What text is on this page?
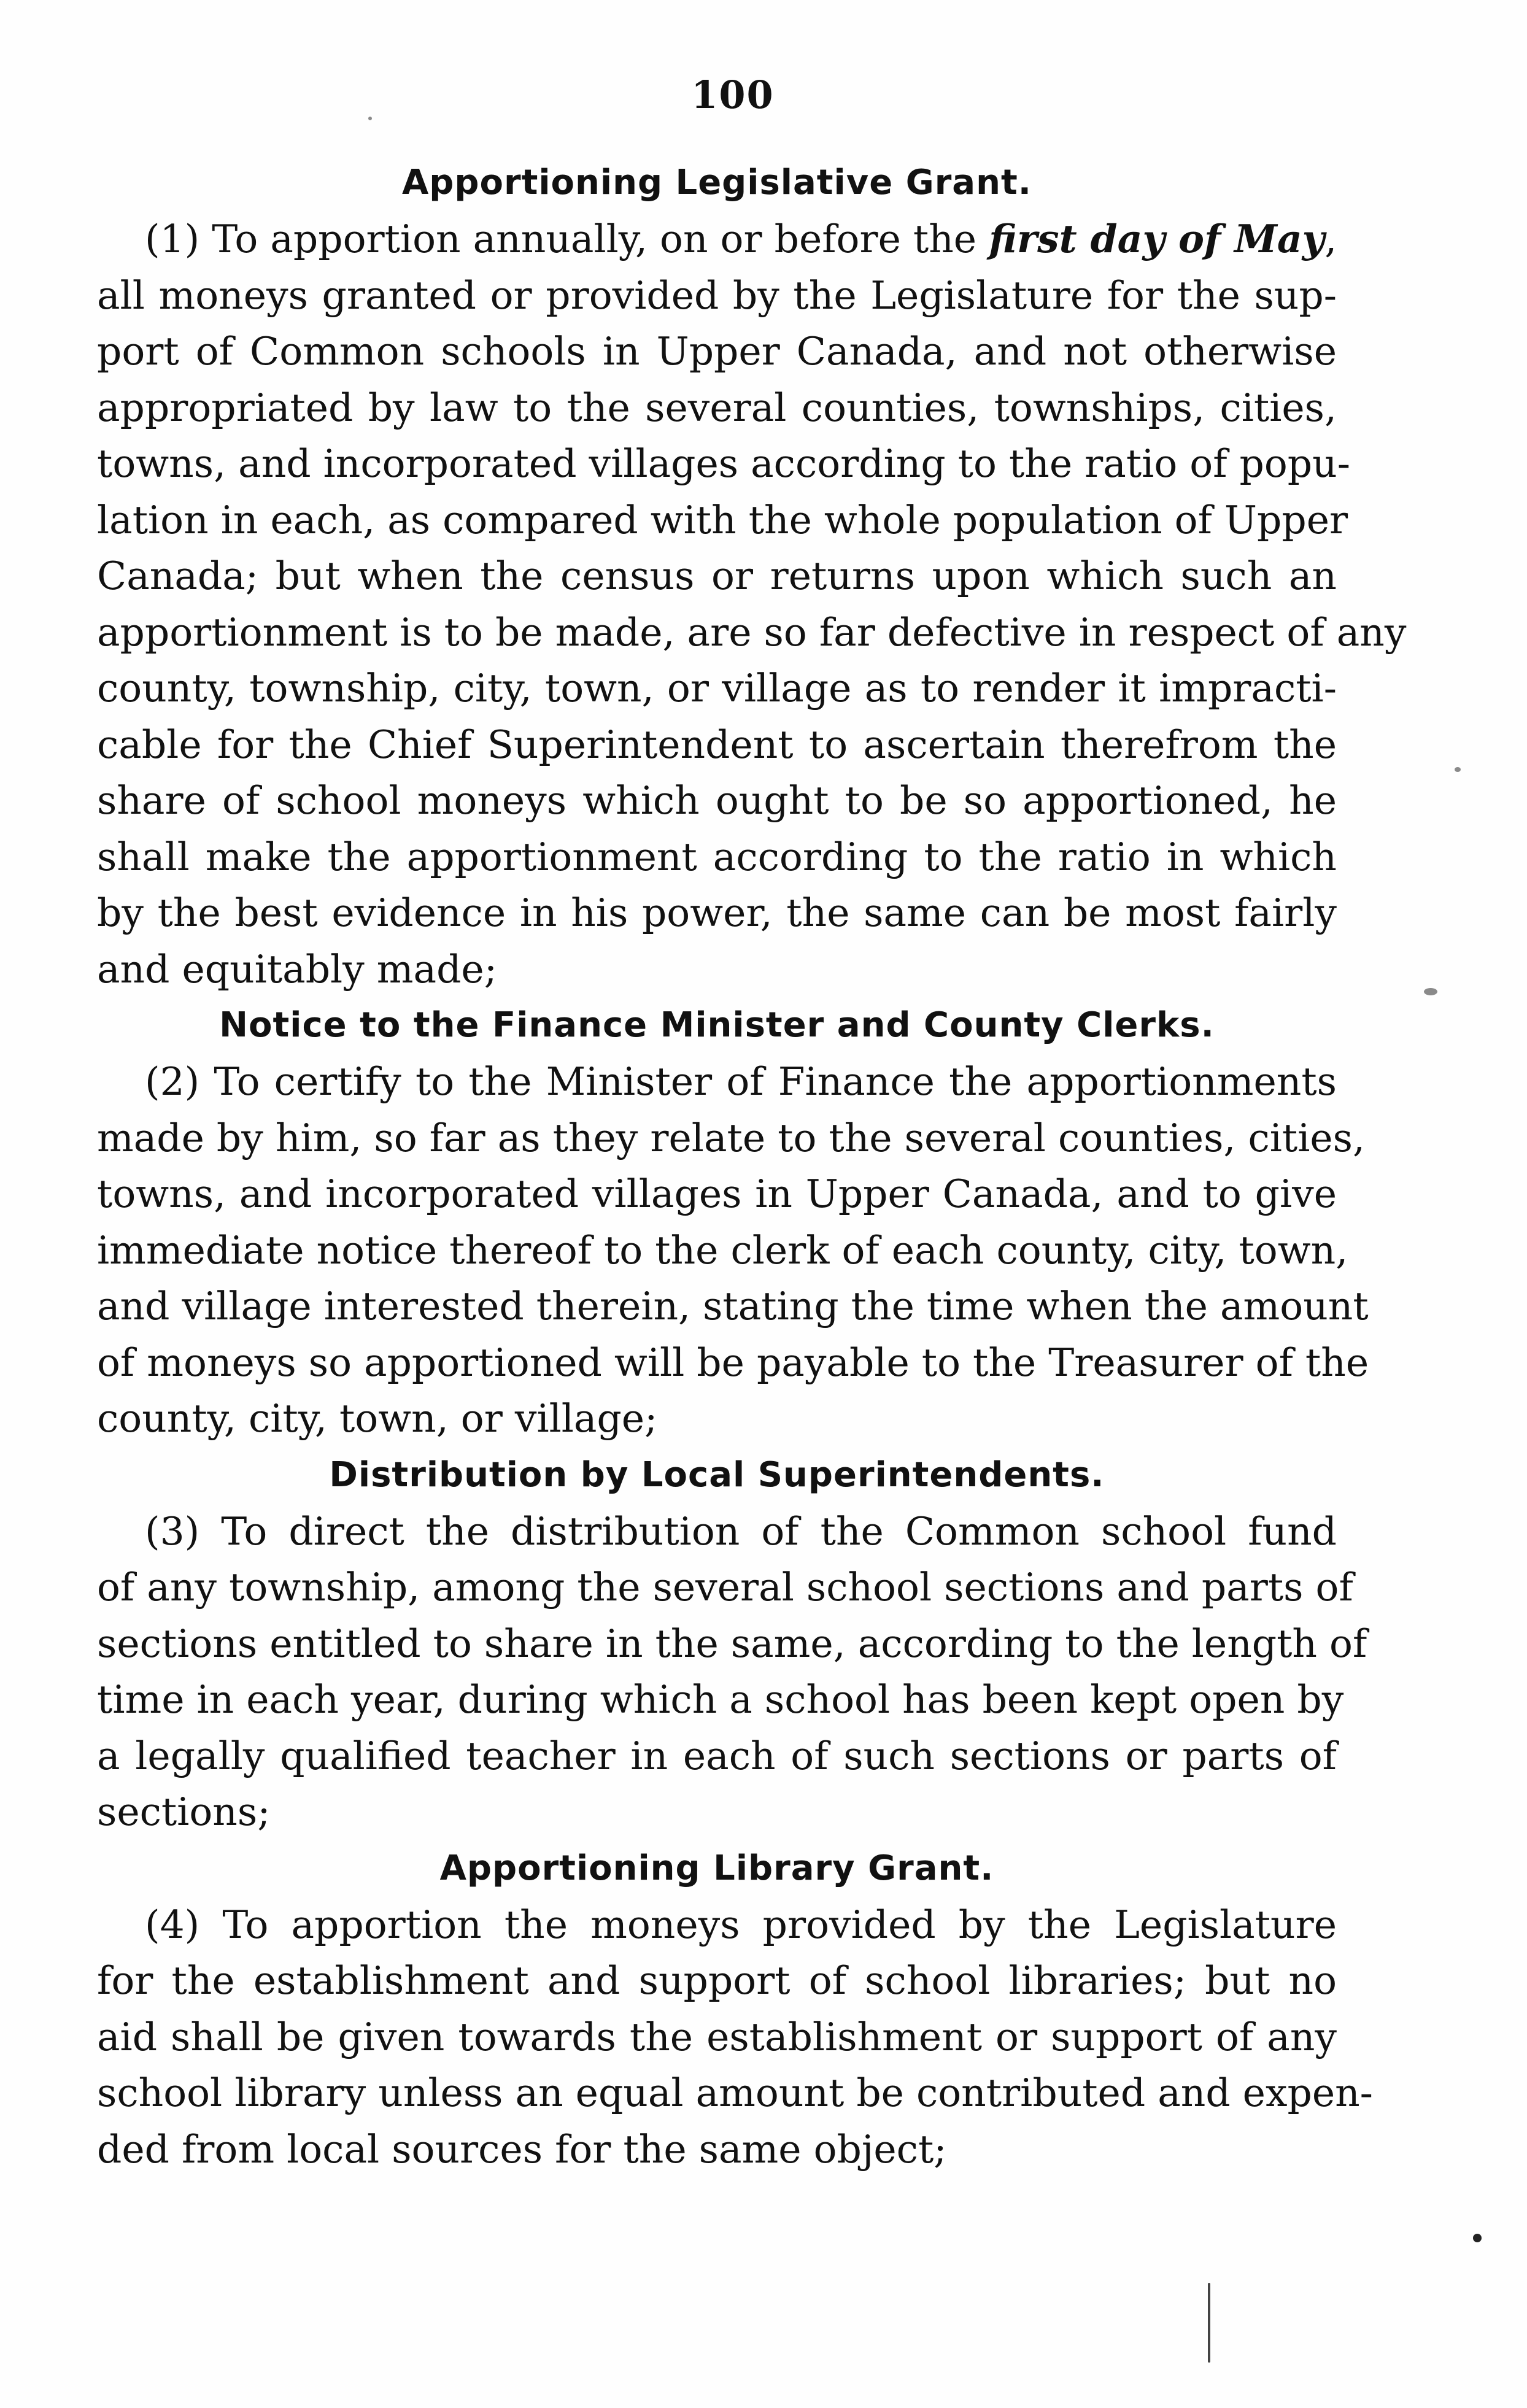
100
Apportioning Legislative Grant.
(1) To apportion annually, on or before the first day of May,
all moneys granted or provided by the Legislature for the sup-
port of Common schools in Upper Canada, and not otherwise
appropriated by law to the several counties, townships, cities,
towns, and incorporated villages according to the ratio of popu-
lation in each, as compared with the whole population of Upper
Canada; but when the census or returns upon which such an
apportionment is to be made, are so far defective in respect of any
county, township, city, town, or village as to render it impracti-
cable for the Chief Superintendent to ascertain therefrom the
share of school moneys which ought to be so apportioned, he
shall make the apportionment according to the ratio in which
by the best evidence in his power, the same can be most fairly
and equitably made;
Notice to the Finance Minister and County Clerks.
(2) To certify to the Minister of Finance the apportionments
made by him, so far as they relate to the several counties, cities,
towns, and incorporated villages in Upper Canada, and to give
immediate notice thereof to the clerk of each county, city, town,
and village interested therein, stating the time when the amount
of moneys so apportioned will be payable to the Treasurer of the
county, city, town, or village;
Distribution by Local Superintendents.
(3) To direct the distribution of the Common school fund
of any township, among the several school sections and parts of
sections entitled to share in the same, according to the length of
time in each year, during which a school has been kept open by
a legally qualified teacher in each of such sections or parts of
sections;
Apportioning Library Grant.
(4) To apportion the moneys provided by the Legislature
for the establishment and support of school libraries; but no
aid shall be given towards the establishment or support of any
school library unless an equal amount be contributed and expen-
ded from local sources for the same object;
